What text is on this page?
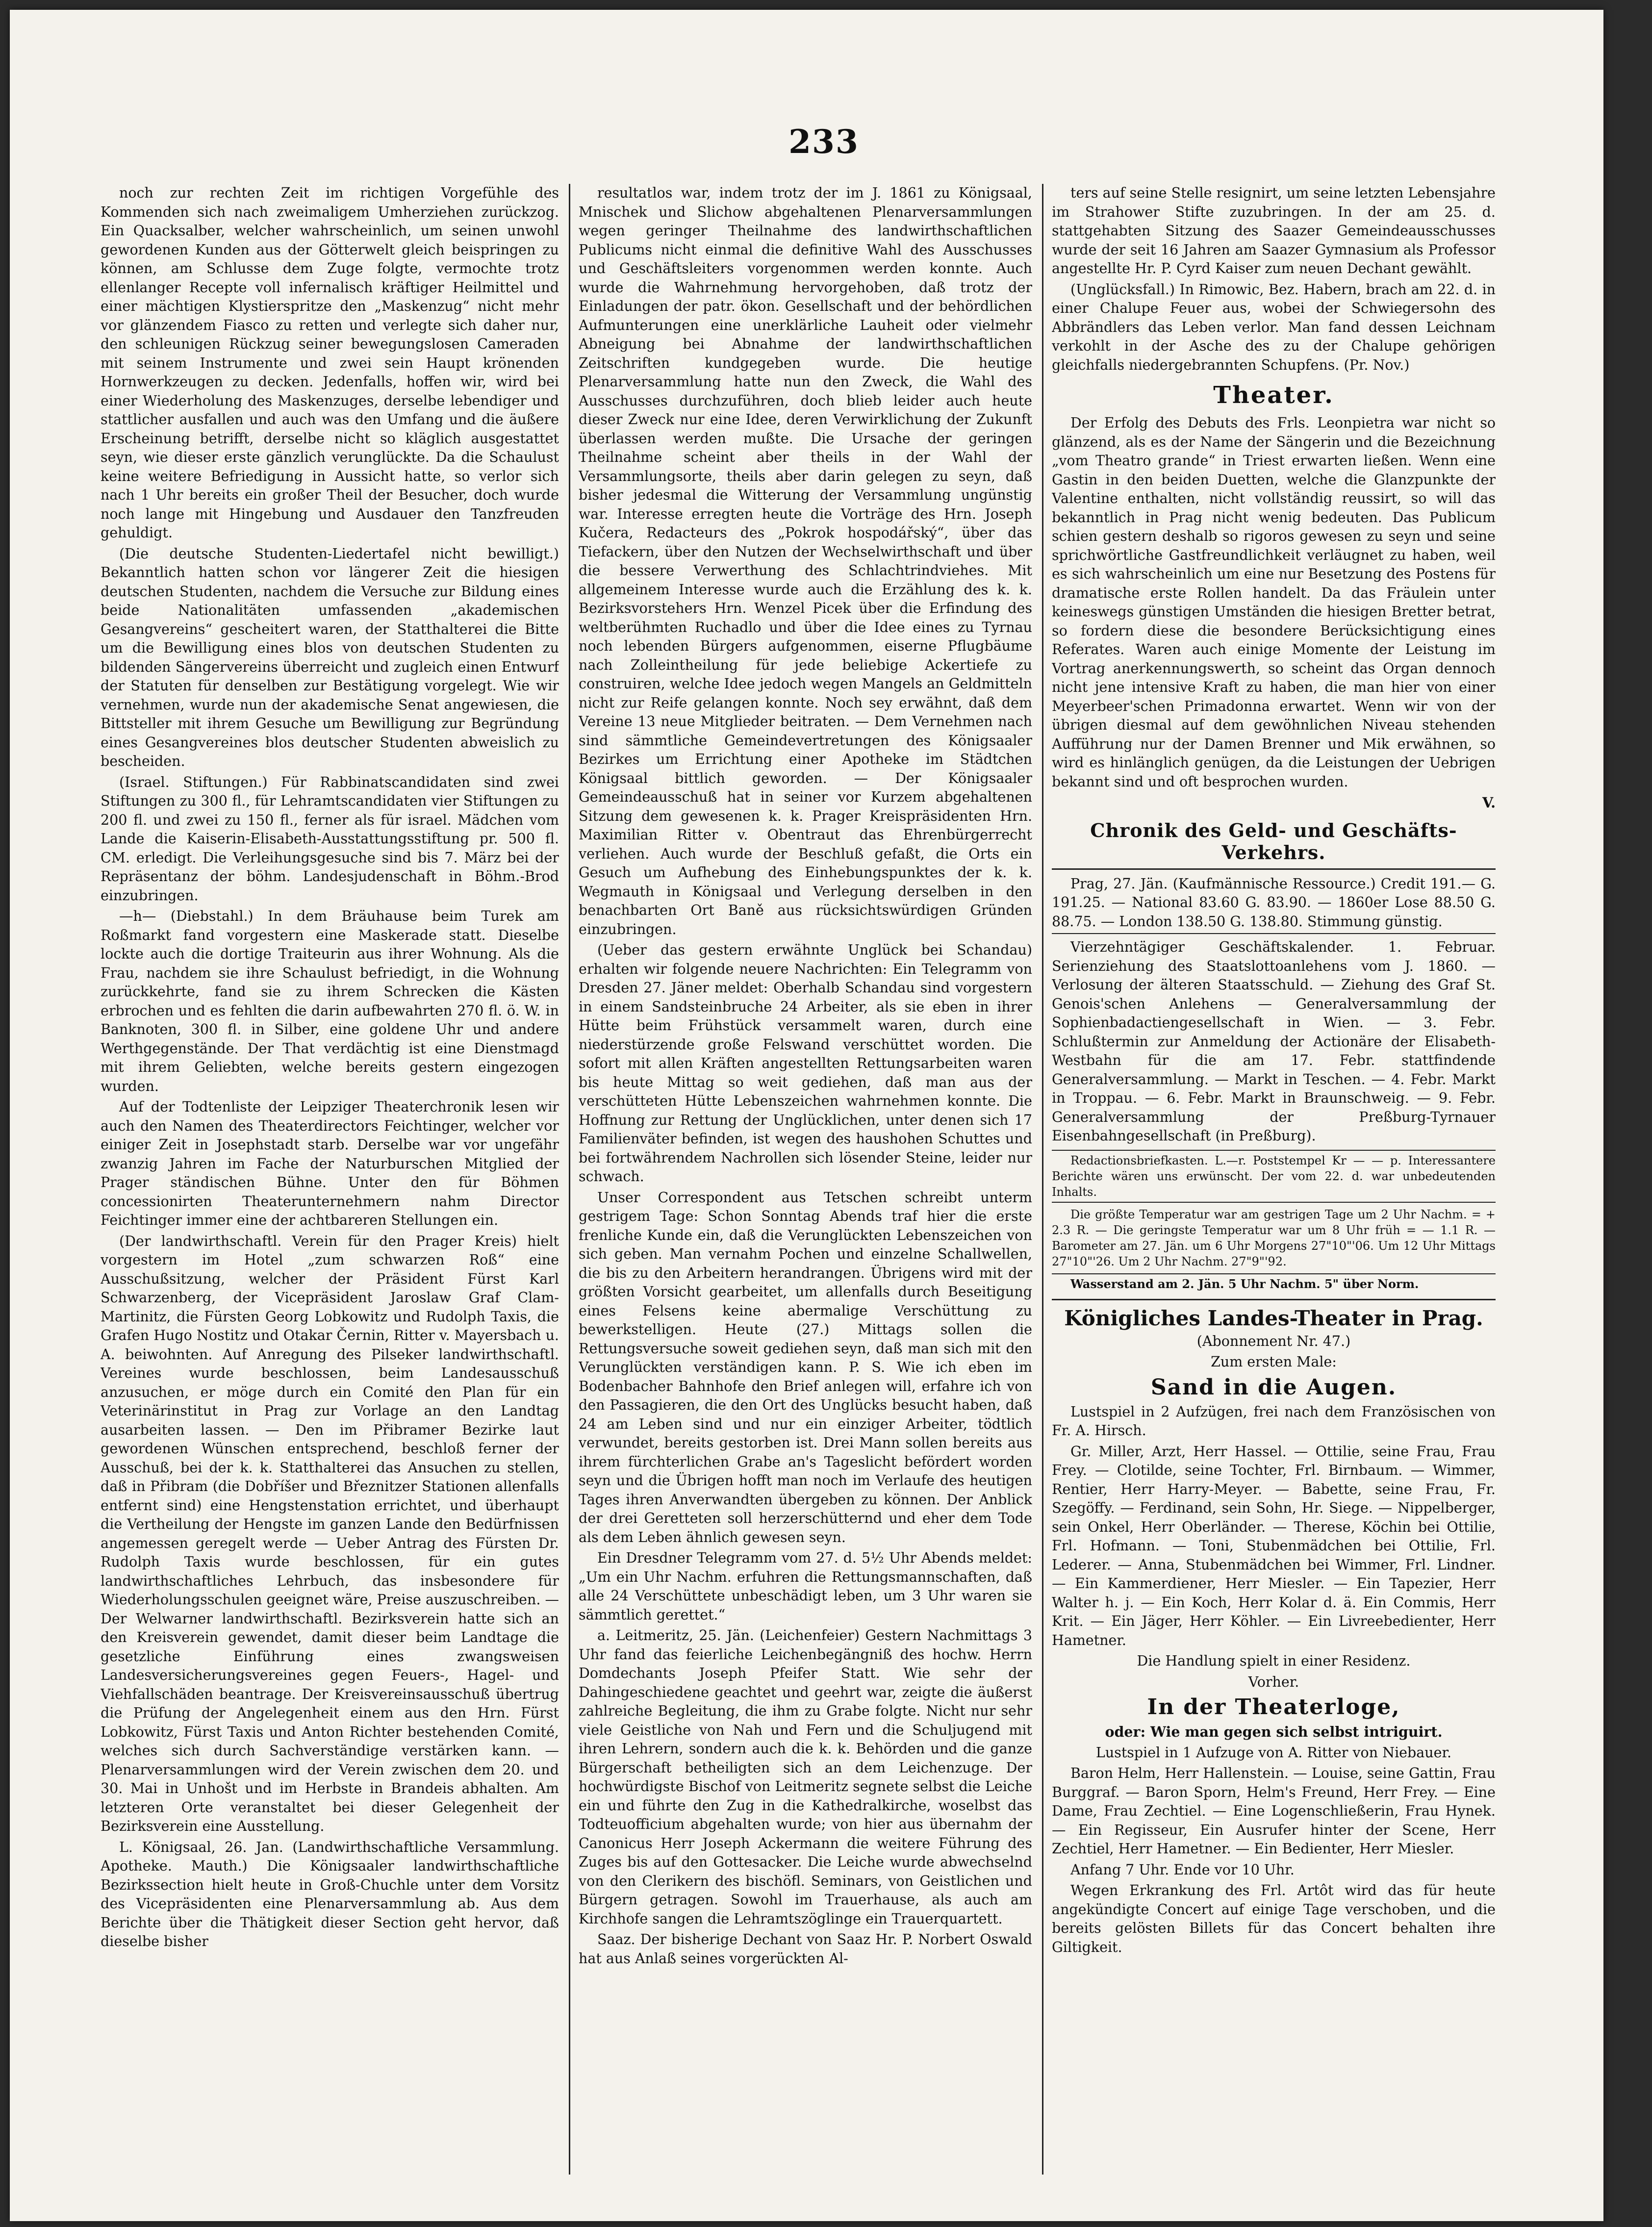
233

noch zur rechten Zeit im richtigen Vorgefühle des Kommenden sich nach zweimaligem Umherziehen zurückzog. Ein Quacksalber, welcher wahrscheinlich, um seinen unwohl gewordenen Kunden aus der Götterwelt gleich beispringen zu können, am Schlusse dem Zuge folgte, vermochte trotz ellenlanger Recepte voll infernalisch kräftiger Heilmittel und einer mächtigen Klystierspritze den „Maskenzug“ nicht mehr vor glänzendem Fiasco zu retten und verlegte sich daher nur, den schleunigen Rückzug seiner bewegungslosen Cameraden mit seinem Instrumente und zwei sein Haupt krönenden Hornwerkzeugen zu decken. Jedenfalls, hoffen wir, wird bei einer Wiederholung des Maskenzuges, derselbe lebendiger und stattlicher ausfallen und auch was den Umfang und die äußere Erscheinung betrifft, derselbe nicht so kläglich ausgestattet seyn, wie dieser erste gänzlich verunglückte. Da die Schaulust keine weitere Befriedigung in Aussicht hatte, so verlor sich nach 1 Uhr bereits ein großer Theil der Besucher, doch wurde noch lange mit Hingebung und Ausdauer den Tanzfreuden gehuldigt.

(Die deutsche Studenten-Liedertafel nicht bewilligt.) Bekanntlich hatten schon vor längerer Zeit die hiesigen deutschen Studenten, nachdem die Versuche zur Bildung eines beide Nationalitäten umfassenden „akademischen Gesangvereins“ gescheitert waren, der Statthalterei die Bitte um die Bewilligung eines blos von deutschen Studenten zu bildenden Sängervereins überreicht und zugleich einen Entwurf der Statuten für denselben zur Bestätigung vorgelegt. Wie wir vernehmen, wurde nun der akademische Senat angewiesen, die Bittsteller mit ihrem Gesuche um Bewilligung zur Begründung eines Gesangvereines blos deutscher Studenten abweislich zu bescheiden.

(Israel. Stiftungen.) Für Rabbinatscandidaten sind zwei Stiftungen zu 300 fl., für Lehramtscandidaten vier Stiftungen zu 200 fl. und zwei zu 150 fl., ferner als für israel. Mädchen vom Lande die Kaiserin-Elisabeth-Ausstattungsstiftung pr. 500 fl. CM. erledigt. Die Verleihungsgesuche sind bis 7. März bei der Repräsentanz der böhm. Landesjudenschaft in Böhm.-Brod einzubringen.

—h— (Diebstahl.) In dem Bräuhause beim Turek am Roßmarkt fand vorgestern eine Maskerade statt. Dieselbe lockte auch die dortige Traiteurin aus ihrer Wohnung. Als die Frau, nachdem sie ihre Schaulust befriedigt, in die Wohnung zurückkehrte, fand sie zu ihrem Schrecken die Kästen erbrochen und es fehlten die darin aufbewahrten 270 fl. ö. W. in Banknoten, 300 fl. in Silber, eine goldene Uhr und andere Werthgegenstände. Der That verdächtig ist eine Dienstmagd mit ihrem Geliebten, welche bereits gestern eingezogen wurden.

Auf der Todtenliste der Leipziger Theaterchronik lesen wir auch den Namen des Theaterdirectors Feichtinger, welcher vor einiger Zeit in Josephstadt starb. Derselbe war vor ungefähr zwanzig Jahren im Fache der Naturburschen Mitglied der Prager ständischen Bühne. Unter den für Böhmen concessionirten Theaterunternehmern nahm Director Feichtinger immer eine der achtbareren Stellungen ein.

(Der landwirthschaftl. Verein für den Prager Kreis) hielt vorgestern im Hotel „zum schwarzen Roß“ eine Ausschußsitzung, welcher der Präsident Fürst Karl Schwarzenberg, der Vicepräsident Jaroslaw Graf Clam-Martinitz, die Fürsten Georg Lobkowitz und Rudolph Taxis, die Grafen Hugo Nostitz und Otakar Černin, Ritter v. Mayersbach u. A. beiwohnten. Auf Anregung des Pilseker landwirthschaftl. Vereines wurde beschlossen, beim Landesausschuß anzusuchen, er möge durch ein Comité den Plan für ein Veterinärinstitut in Prag zur Vorlage an den Landtag ausarbeiten lassen. — Den im Přibramer Bezirke laut gewordenen Wünschen entsprechend, beschloß ferner der Ausschuß, bei der k. k. Statthalterei das Ansuchen zu stellen, daß in Přibram (die Dobříšer und Březnitzer Stationen allenfalls entfernt sind) eine Hengstenstation errichtet, und überhaupt die Vertheilung der Hengste im ganzen Lande den Bedürfnissen angemessen geregelt werde — Ueber Antrag des Fürsten Dr. Rudolph Taxis wurde beschlossen, für ein gutes landwirthschaftliches Lehrbuch, das insbesondere für Wiederholungsschulen geeignet wäre, Preise auszuschreiben. — Der Welwarner landwirthschaftl. Bezirksverein hatte sich an den Kreisverein gewendet, damit dieser beim Landtage die gesetzliche Einführung eines zwangsweisen Landesversicherungsvereines gegen Feuers-, Hagel- und Viehfallschäden beantrage. Der Kreisvereinsausschuß übertrug die Prüfung der Angelegenheit einem aus den Hrn. Fürst Lobkowitz, Fürst Taxis und Anton Richter bestehenden Comité, welches sich durch Sachverständige verstärken kann. — Plenarversammlungen wird der Verein zwischen dem 20. und 30. Mai in Unhošt und im Herbste in Brandeis abhalten. Am letzteren Orte veranstaltet bei dieser Gelegenheit der Bezirksverein eine Ausstellung.

L. Königsaal, 26. Jan. (Landwirthschaftliche Versammlung. Apotheke. Mauth.) Die Königsaaler landwirthschaftliche Bezirkssection hielt heute in Groß-Chuchle unter dem Vorsitz des Vicepräsidenten eine Plenarversammlung ab. Aus dem Berichte über die Thätigkeit dieser Section geht hervor, daß dieselbe bisher

resultatlos war, indem trotz der im J. 1861 zu Königsaal, Mnischek und Slichow abgehaltenen Plenarversammlungen wegen geringer Theilnahme des landwirthschaftlichen Publicums nicht einmal die definitive Wahl des Ausschusses und Geschäftsleiters vorgenommen werden konnte. Auch wurde die Wahrnehmung hervorgehoben, daß trotz der Einladungen der patr. ökon. Gesellschaft und der behördlichen Aufmunterungen eine unerklärliche Lauheit oder vielmehr Abneigung bei Abnahme der landwirthschaftlichen Zeitschriften kundgegeben wurde. Die heutige Plenarversammlung hatte nun den Zweck, die Wahl des Ausschusses durchzuführen, doch blieb leider auch heute dieser Zweck nur eine Idee, deren Verwirklichung der Zukunft überlassen werden mußte. Die Ursache der geringen Theilnahme scheint aber theils in der Wahl der Versammlungsorte, theils aber darin gelegen zu seyn, daß bisher jedesmal die Witterung der Versammlung ungünstig war. Interesse erregten heute die Vorträge des Hrn. Joseph Kučera, Redacteurs des „Pokrok hospodářský“, über das Tiefackern, über den Nutzen der Wechselwirthschaft und über die bessere Verwerthung des Schlachtrindviehes. Mit allgemeinem Interesse wurde auch die Erzählung des k. k. Bezirksvorstehers Hrn. Wenzel Picek über die Erfindung des weltberühmten Ruchadlo und über die Idee eines zu Tyrnau noch lebenden Bürgers aufgenommen, eiserne Pflugbäume nach Zolleintheilung für jede beliebige Ackertiefe zu construiren, welche Idee jedoch wegen Mangels an Geldmitteln nicht zur Reife gelangen konnte. Noch sey erwähnt, daß dem Vereine 13 neue Mitglieder beitraten. — Dem Vernehmen nach sind sämmtliche Gemeindevertretungen des Königsaaler Bezirkes um Errichtung einer Apotheke im Städtchen Königsaal bittlich geworden. — Der Königsaaler Gemeindeausschuß hat in seiner vor Kurzem abgehaltenen Sitzung dem gewesenen k. k. Prager Kreispräsidenten Hrn. Maximilian Ritter v. Obentraut das Ehrenbürgerrecht verliehen. Auch wurde der Beschluß gefaßt, die Orts ein Gesuch um Aufhebung des Einhebungspunktes der k. k. Wegmauth in Königsaal und Verlegung derselben in den benachbarten Ort Baně aus rücksichtswürdigen Gründen einzubringen.

(Ueber das gestern erwähnte Unglück bei Schandau) erhalten wir folgende neuere Nachrichten: Ein Telegramm von Dresden 27. Jäner meldet: Oberhalb Schandau sind vorgestern in einem Sandsteinbruche 24 Arbeiter, als sie eben in ihrer Hütte beim Frühstück versammelt waren, durch eine niederstürzende große Felswand verschüttet worden. Die sofort mit allen Kräften angestellten Rettungsarbeiten waren bis heute Mittag so weit gediehen, daß man aus der verschütteten Hütte Lebenszeichen wahrnehmen konnte. Die Hoffnung zur Rettung der Unglücklichen, unter denen sich 17 Familienväter befinden, ist wegen des haushohen Schuttes und bei fortwährendem Nachrollen sich lösender Steine, leider nur schwach.

Unser Correspondent aus Tetschen schreibt unterm gestrigem Tage: Schon Sonntag Abends traf hier die erste frenliche Kunde ein, daß die Verunglückten Lebenszeichen von sich geben. Man vernahm Pochen und einzelne Schallwellen, die bis zu den Arbeitern herandrangen. Übrigens wird mit der größten Vorsicht gearbeitet, um allenfalls durch Beseitigung eines Felsens keine abermalige Verschüttung zu bewerkstelligen. Heute (27.) Mittags sollen die Rettungsversuche soweit gediehen seyn, daß man sich mit den Verunglückten verständigen kann. P. S. Wie ich eben im Bodenbacher Bahnhofe den Brief anlegen will, erfahre ich von den Passagieren, die den Ort des Unglücks besucht haben, daß 24 am Leben sind und nur ein einziger Arbeiter, tödtlich verwundet, bereits gestorben ist. Drei Mann sollen bereits aus ihrem fürchterlichen Grabe an's Tageslicht befördert worden seyn und die Übrigen hofft man noch im Verlaufe des heutigen Tages ihren Anverwandten übergeben zu können. Der Anblick der drei Geretteten soll herzerschütternd und eher dem Tode als dem Leben ähnlich gewesen seyn.

Ein Dresdner Telegramm vom 27. d. 5½ Uhr Abends meldet: „Um ein Uhr Nachm. erfuhren die Rettungsmannschaften, daß alle 24 Verschüttete unbeschädigt leben, um 3 Uhr waren sie sämmtlich gerettet.“

a. Leitmeritz, 25. Jän. (Leichenfeier) Gestern Nachmittags 3 Uhr fand das feierliche Leichenbegängniß des hochw. Herrn Domdechants Joseph Pfeifer Statt. Wie sehr der Dahingeschiedene geachtet und geehrt war, zeigte die äußerst zahlreiche Begleitung, die ihm zu Grabe folgte. Nicht nur sehr viele Geistliche von Nah und Fern und die Schuljugend mit ihren Lehrern, sondern auch die k. k. Behörden und die ganze Bürgerschaft betheiligten sich an dem Leichenzuge. Der hochwürdigste Bischof von Leitmeritz segnete selbst die Leiche ein und führte den Zug in die Kathedralkirche, woselbst das Todteuofficium abgehalten wurde; von hier aus übernahm der Canonicus Herr Joseph Ackermann die weitere Führung des Zuges bis auf den Gottesacker. Die Leiche wurde abwechselnd von den Clerikern des bischöfl. Seminars, von Geistlichen und Bürgern getragen. Sowohl im Trauerhause, als auch am Kirchhofe sangen die Lehramtszöglinge ein Trauerquartett.

Saaz. Der bisherige Dechant von Saaz Hr. P. Norbert Oswald hat aus Anlaß seines vorgerückten Al-

ters auf seine Stelle resignirt, um seine letzten Lebensjahre im Strahower Stifte zuzubringen. In der am 25. d. stattgehabten Sitzung des Saazer Gemeindeausschusses wurde der seit 16 Jahren am Saazer Gymnasium als Professor angestellte Hr. P. Cyrd Kaiser zum neuen Dechant gewählt.

(Unglücksfall.) In Rimowic, Bez. Habern, brach am 22. d. in einer Chalupe Feuer aus, wobei der Schwiegersohn des Abbrändlers das Leben verlor. Man fand dessen Leichnam verkohlt in der Asche des zu der Chalupe gehörigen gleichfalls niedergebrannten Schupfens. (Pr. Nov.)

Theater.

Der Erfolg des Debuts des Frls. Leonpietra war nicht so glänzend, als es der Name der Sängerin und die Bezeichnung „vom Theatro grande“ in Triest erwarten ließen. Wenn eine Gastin in den beiden Duetten, welche die Glanzpunkte der Valentine enthalten, nicht vollständig reussirt, so will das bekanntlich in Prag nicht wenig bedeuten. Das Publicum schien gestern deshalb so rigoros gewesen zu seyn und seine sprichwörtliche Gastfreundlichkeit verläugnet zu haben, weil es sich wahrscheinlich um eine nur Besetzung des Postens für dramatische erste Rollen handelt. Da das Fräulein unter keineswegs günstigen Umständen die hiesigen Bretter betrat, so fordern diese die besondere Berücksichtigung eines Referates. Waren auch einige Momente der Leistung im Vortrag anerkennungswerth, so scheint das Organ dennoch nicht jene intensive Kraft zu haben, die man hier von einer Meyerbeer'schen Primadonna erwartet. Wenn wir von der übrigen diesmal auf dem gewöhnlichen Niveau stehenden Aufführung nur der Damen Brenner und Mik erwähnen, so wird es hinlänglich genügen, da die Leistungen der Uebrigen bekannt sind und oft besprochen wurden.

V.
Chronik des Geld- und Geschäfts-Verkehrs.

Prag, 27. Jän. (Kaufmännische Ressource.) Credit 191.— G. 191.25. — National 83.60 G. 83.90. — 1860er Lose 88.50 G. 88.75. — London 138.50 G. 138.80. Stimmung günstig.

Vierzehntägiger Geschäftskalender. 1. Februar. Serienziehung des Staatslottoanlehens vom J. 1860. — Verlosung der älteren Staatsschuld. — Ziehung des Graf St. Genois'schen Anlehens — Generalversammlung der Sophienbadactiengesellschaft in Wien. — 3. Febr. Schlußtermin zur Anmeldung der Actionäre der Elisabeth-Westbahn für die am 17. Febr. stattfindende Generalversammlung. — Markt in Teschen. — 4. Febr. Markt in Troppau. — 6. Febr. Markt in Braunschweig. — 9. Febr. Generalversammlung der Preßburg-Tyrnauer Eisenbahngesellschaft (in Preßburg).

Redactionsbriefkasten. L.—r. Poststempel Kr — — p. Interessantere Berichte wären uns erwünscht. Der vom 22. d. war unbedeutenden Inhalts.

Die größte Temperatur war am gestrigen Tage um 2 Uhr Nachm. = + 2.3 R. — Die geringste Temperatur war um 8 Uhr früh = — 1.1 R. — Barometer am 27. Jän. um 6 Uhr Morgens 27"10"'06. Um 12 Uhr Mittags 27"10"'26. Um 2 Uhr Nachm. 27"9"'92.

Wasserstand am 2. Jän. 5 Uhr Nachm. 5" über Norm.

Königliches Landes-Theater in Prag.

(Abonnement Nr. 47.)

Zum ersten Male:

Sand in die Augen.

Lustspiel in 2 Aufzügen, frei nach dem Französischen von Fr. A. Hirsch.

Gr. Miller, Arzt, Herr Hassel. — Ottilie, seine Frau, Frau Frey. — Clotilde, seine Tochter, Frl. Birnbaum. — Wimmer, Rentier, Herr Harry-Meyer. — Babette, seine Frau, Fr. Szegöffy. — Ferdinand, sein Sohn, Hr. Siege. — Nippelberger, sein Onkel, Herr Oberländer. — Therese, Köchin bei Ottilie, Frl. Hofmann. — Toni, Stubenmädchen bei Ottilie, Frl. Lederer. — Anna, Stubenmädchen bei Wimmer, Frl. Lindner. — Ein Kammerdiener, Herr Miesler. — Ein Tapezier, Herr Walter h. j. — Ein Koch, Herr Kolar d. ä. Ein Commis, Herr Krit. — Ein Jäger, Herr Köhler. — Ein Livreebedienter, Herr Hametner.

Die Handlung spielt in einer Residenz.

Vorher.

In der Theaterloge,

oder: Wie man gegen sich selbst intriguirt.

Lustspiel in 1 Aufzuge von A. Ritter von Niebauer.

Baron Helm, Herr Hallenstein. — Louise, seine Gattin, Frau Burggraf. — Baron Sporn, Helm's Freund, Herr Frey. — Eine Dame, Frau Zechtiel. — Eine Logenschließerin, Frau Hynek. — Ein Regisseur, Ein Ausrufer hinter der Scene, Herr Zechtiel, Herr Hametner. — Ein Bedienter, Herr Miesler.

Anfang 7 Uhr. Ende vor 10 Uhr.

Wegen Erkrankung des Frl. Artôt wird das für heute angekündigte Concert auf einige Tage verschoben, und die bereits gelösten Billets für das Concert behalten ihre Giltigkeit.
